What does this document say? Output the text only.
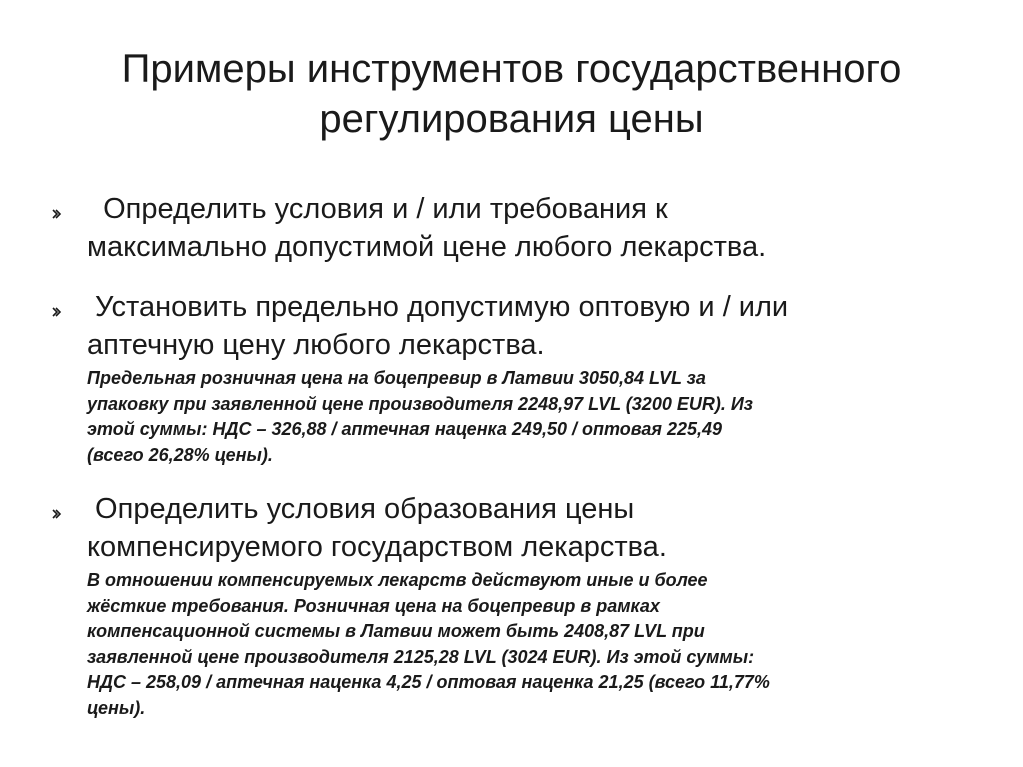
Примеры инструментов государственного
регулирования цены

Определить условия и / или требования к
максимально допустимой цене любого лекарства.

Установить предельно допустимую оптовую и / или
аптечную цену любого лекарства.

Предельная розничная цена на боцепревир в Латвии 3050,84 LVL за
упаковку при заявленной цене производителя 2248,97 LVL (3200 EUR). Из
этой суммы: НДС – 326,88 / аптечная наценка 249,50 / оптовая 225,49
(всего 26,28% цены).

Определить условия образования цены
компенсируемого государством лекарства.

В отношении компенсируемых лекарств действуют иные и более
жёсткие требования. Розничная цена на боцепревир в рамках
компенсационной системы в Латвии может быть 2408,87 LVL при
заявленной цене производителя 2125,28 LVL (3024 EUR). Из этой суммы:
НДС – 258,09 / аптечная наценка 4,25 / оптовая наценка 21,25 (всего 11,77%
цены).
